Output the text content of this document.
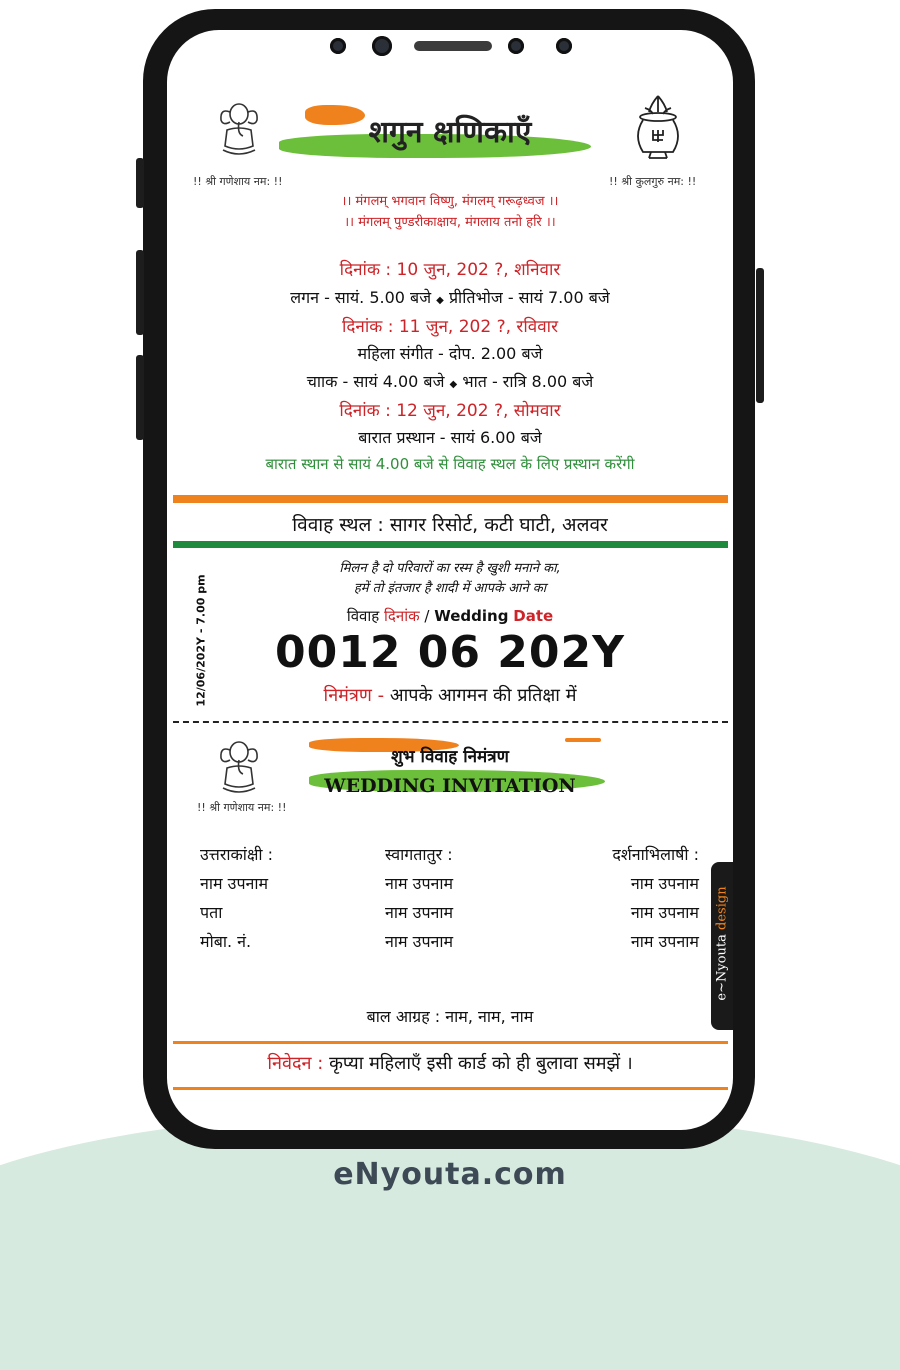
शगुन क्षणिकाएँ
!! श्री गणेशाय नम: !!	!! श्री कुलगुरु नम: !!
।। मंगलम् भगवान विष्णु, मंगलम् गरूढ़ध्वज ।।
।। मंगलम् पुण्डरीकाक्षाय, मंगलाय तनो हरि ।।
दिनांक : 10 जुन, 202 ?, शनिवार
लगन - सायं. 5.00 बजे ◆ प्रीतिभोज - सायं 7.00 बजे
दिनांक : 11 जुन, 202 ?, रविवार
महिला संगीत - दोप. 2.00 बजे
चााक - सायं 4.00 बजे ◆ भात - रात्रि 8.00 बजे
दिनांक : 12 जुन, 202 ?, सोमवार
बारात प्रस्थान - सायं 6.00 बजे
बारात स्थान से सायं 4.00 बजे से विवाह स्थल के लिए प्रस्थान करेंगी
विवाह स्थल : सागर रिसोर्ट, कटी घाटी, अलवर
मिलन है दो परिवारों का रस्म है खुशी मनाने का,
हमें तो इंतजार है शादी में आपके आने का
विवाह दिनांक / Wedding Date
0012 06 202Y
12/06/202Y - 7.00 pm	निमंत्रण - आपके आगमन की प्रतिक्षा में
शुभ विवाह निमंत्रण
WEDDING INVITATION
!! श्री गणेशाय नम: !!
उत्तराकांक्षी :
नाम उपनाम
पता
मोबा. नं.
स्वागतातुर :
नाम उपनाम
नाम उपनाम
नाम उपनाम
दर्शनाभिलाषी :
नाम उपनाम
नाम उपनाम
नाम उपनाम e~Nyouta design
बाल आग्रह : नाम, नाम, नाम
निवेदन : कृप्या महिलाएँ इसी कार्ड को ही बुलावा समझें ।
eNyouta.com
